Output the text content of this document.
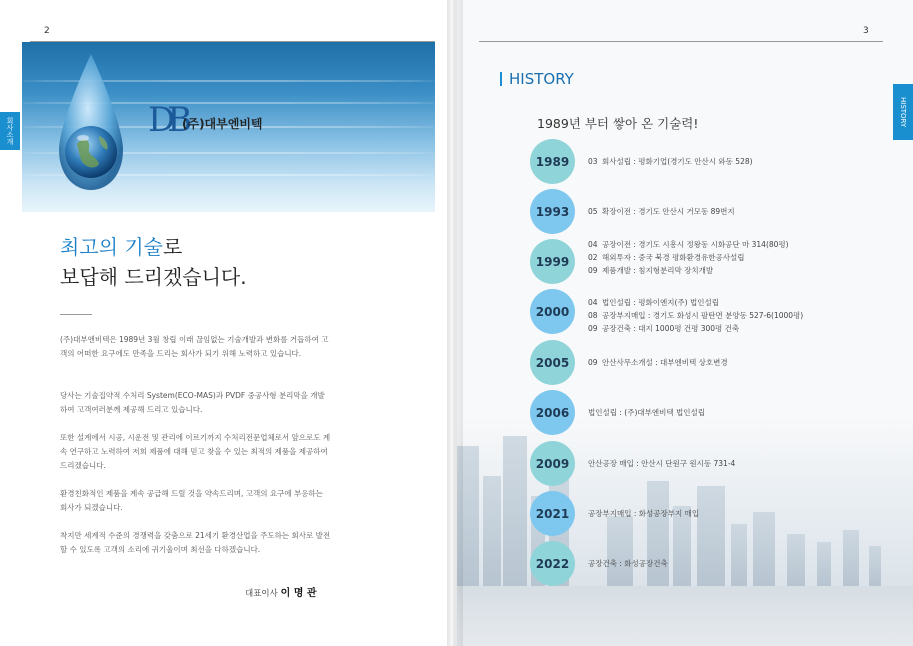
2
회사소개	DB
(주)대부엔비텍
최고의 기술로
보답해 드리겠습니다.
(주)대부엔비텍은 1989년 3월 창립 이래 끊임없는 기술개발과 변화를 거듭하여 고객의 어떠한 요구에도 만족을 드리는 회사가 되기 위해 노력하고 있습니다.
당사는 기술집약적 수처리 System(ECO-MAS)과 PVDF 중공사형 분리막을 개발하여 고객여러분께 제공해 드리고 있습니다.
또한 설계에서 시공, 시운전 및 관리에 이르기까지 수처리전문업체로서 앞으로도 계속 연구하고 노력하여 저희 제품에 대해 믿고 찾을 수 있는 최적의 제품을 제공하여 드리겠습니다.
환경친화적인 제품을 계속 공급해 드릴 것을 약속드리며, 고객의 요구에 부응하는 회사가 되겠습니다.
착지만 세계적 수준의 경쟁력을 갖춤으로 21세기 환경산업을 주도하는 회사로 발전할 수 있도록 고객의 소리에 귀기울이며 최선을 다하겠습니다.
대표이사 이 명 관
3
HISTORY
HISTORY
1989년 부터 쌓아 온 기술력!
1989	03 회사설립 : 평화기업(경기도 안산시 와동 528)
1993	05 확장이전 : 경기도 안산시 거모동 89번지
1999
04 공장이전 : 경기도 시흥시 정왕동 시화공단 마 314(80평)
02 해외투자 : 중국 북경 평화환경유한공사설립
09 제품개발 : 침지형분리막 장치개발
2000
04 법인설립 : 평화이엔지(주) 법인설립
08 공장부지매입 : 경기도 화성시 팔탄면 분양동 527-6(1000평)
09 공장건축 : 대지 1000평 건평 300평 건축
2005	09 안산사무소개설 : 대부엔비텍 상호변경
2006	법인설립 : (주)대부엔비텍 법인설립
2009	안산공장 매입 : 안산시 단원구 원시동 731-4
2021	공장부지매입 : 화성공장부지 매입
2022	공장건축 : 화성공장건축
